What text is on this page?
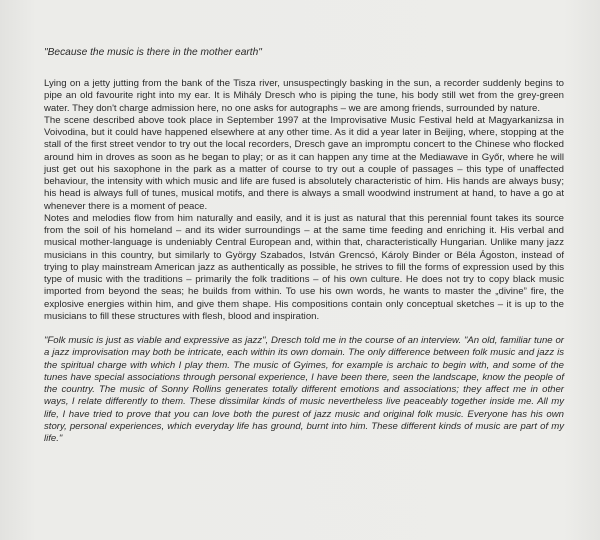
"Because the music is there in the mother earth"

Lying on a jetty jutting from the bank of the Tisza river, unsuspectingly basking in the sun, a recorder suddenly begins to pipe an old favourite right into my ear. It is Mihály Dresch who is piping the tune, his body still wet from the grey-green water. They don't charge admission here, no one asks for autographs – we are among friends, surrounded by nature.

The scene described above took place in September 1997 at the Improvisative Music Festival held at Magyarkanizsa in Voivodina, but it could have happened elsewhere at any other time. As it did a year later in Beijing, where, stopping at the stall of the first street vendor to try out the local recorders, Dresch gave an impromptu concert to the Chinese who flocked around him in droves as soon as he began to play; or as it can happen any time at the Mediawave in Győr, where he will just get out his saxophone in the park as a matter of course to try out a couple of passages – this type of unaffected behaviour, the intensity with which music and life are fused is absolutely characteristic of him. His hands are always busy; his head is always full of tunes, musical motifs, and there is always a small woodwind instrument at hand, to have a go at whenever there is a moment of peace.

Notes and melodies flow from him naturally and easily, and it is just as natural that this perennial fount takes its source from the soil of his homeland – and its wider surroundings – at the same time feeding and enriching it. His verbal and musical mother-language is undeniably Central European and, within that, characteristically Hungarian. Unlike many jazz musicians in this country, but similarly to György Szabados, István Grencsó, Károly Binder or Béla Ágoston, instead of trying to play mainstream American jazz as authentically as possible, he strives to fill the forms of expression used by this type of music with the traditions – primarily the folk traditions – of his own culture. He does not try to copy black music imported from beyond the seas; he builds from within. To use his own words, he wants to master the „divine” fire, the explosive energies within him, and give them shape. His compositions contain only conceptual sketches – it is up to the musicians to fill these structures with flesh, blood and inspiration.

"Folk music is just as viable and expressive as jazz", Dresch told me in the course of an interview. "An old, familiar tune or a jazz improvisation may both be intricate, each within its own domain. The only difference between folk music and jazz is the spiritual charge with which I play them. The music of Gyimes, for example is archaic to begin with, and some of the tunes have special associations through personal experience, I have been there, seen the landscape, know the people of the country. The music of Sonny Rollins generates totally different emotions and associations; they affect me in other ways, I relate differently to them. These dissimilar kinds of music nevertheless live peaceably together inside me. All my life, I have tried to prove that you can love both the purest of jazz music and original folk music. Everyone has his own story, personal experiences, which everyday life has ground, burnt into him. These different kinds of music are part of my life."
